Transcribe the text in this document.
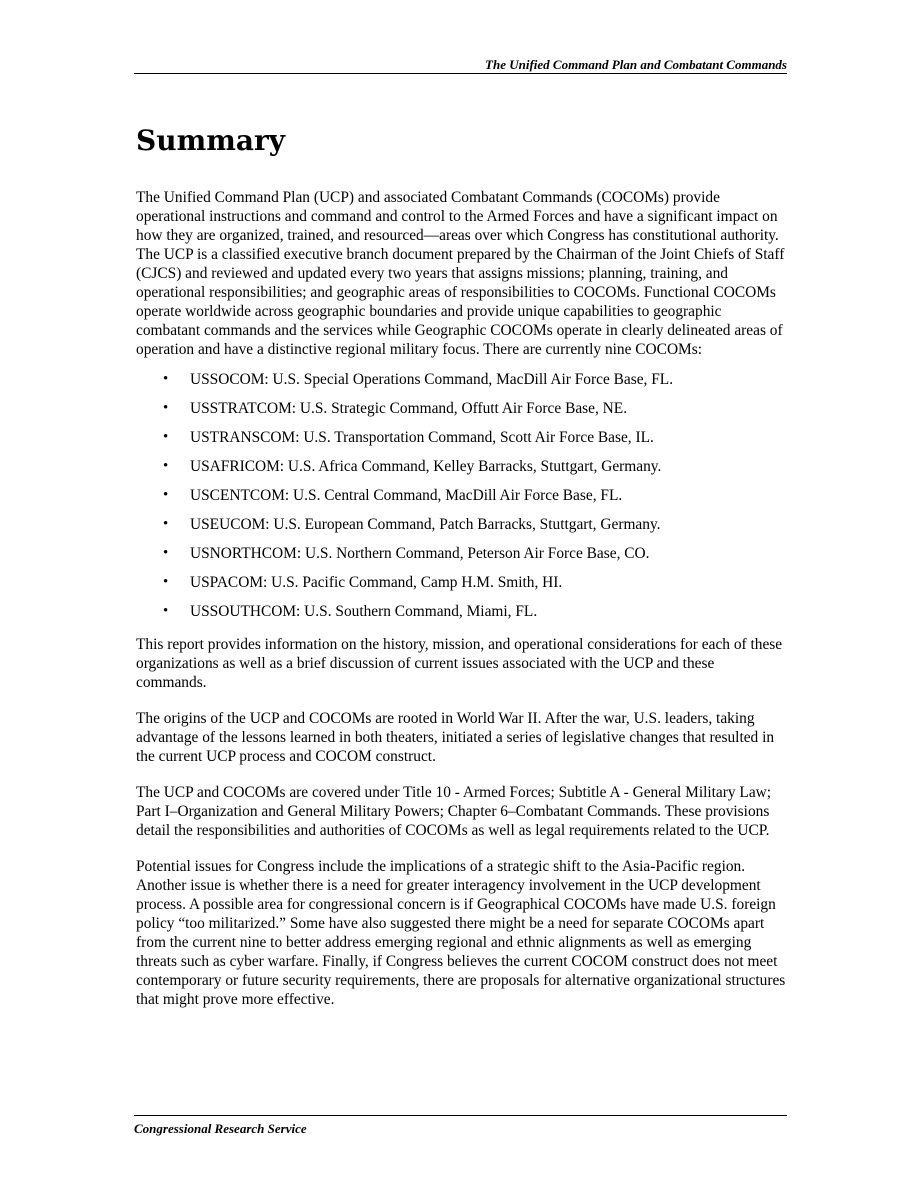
The Unified Command Plan and Combatant Commands
Summary

The Unified Command Plan (UCP) and associated Combatant Commands (COCOMs) provide operational instructions and command and control to the Armed Forces and have a significant impact on how they are organized, trained, and resourced—areas over which Congress has constitutional authority. The UCP is a classified executive branch document prepared by the Chairman of the Joint Chiefs of Staff (CJCS) and reviewed and updated every two years that assigns missions; planning, training, and operational responsibilities; and geographic areas of responsibilities to COCOMs. Functional COCOMs operate worldwide across geographic boundaries and provide unique capabilities to geographic combatant commands and the services while Geographic COCOMs operate in clearly delineated areas of operation and have a distinctive regional military focus. There are currently nine COCOMs:

• USSOCOM: U.S. Special Operations Command, MacDill Air Force Base, FL.
• USSTRATCOM: U.S. Strategic Command, Offutt Air Force Base, NE.
• USTRANSCOM: U.S. Transportation Command, Scott Air Force Base, IL.
• USAFRICOM: U.S. Africa Command, Kelley Barracks, Stuttgart, Germany.
• USCENTCOM: U.S. Central Command, MacDill Air Force Base, FL.
• USEUCOM: U.S. European Command, Patch Barracks, Stuttgart, Germany.
• USNORTHCOM: U.S. Northern Command, Peterson Air Force Base, CO.
• USPACOM: U.S. Pacific Command, Camp H.M. Smith, HI.
• USSOUTHCOM: U.S. Southern Command, Miami, FL.

This report provides information on the history, mission, and operational considerations for each of these organizations as well as a brief discussion of current issues associated with the UCP and these commands.

The origins of the UCP and COCOMs are rooted in World War II. After the war, U.S. leaders, taking advantage of the lessons learned in both theaters, initiated a series of legislative changes that resulted in the current UCP process and COCOM construct.

The UCP and COCOMs are covered under Title 10 - Armed Forces; Subtitle A - General Military Law; Part I–Organization and General Military Powers; Chapter 6–Combatant Commands. These provisions detail the responsibilities and authorities of COCOMs as well as legal requirements related to the UCP.

Potential issues for Congress include the implications of a strategic shift to the Asia-Pacific region. Another issue is whether there is a need for greater interagency involvement in the UCP development process. A possible area for congressional concern is if Geographical COCOMs have made U.S. foreign policy “too militarized.” Some have also suggested there might be a need for separate COCOMs apart from the current nine to better address emerging regional and ethnic alignments as well as emerging threats such as cyber warfare. Finally, if Congress believes the current COCOM construct does not meet contemporary or future security requirements, there are proposals for alternative organizational structures that might prove more effective.

Congressional Research Service
